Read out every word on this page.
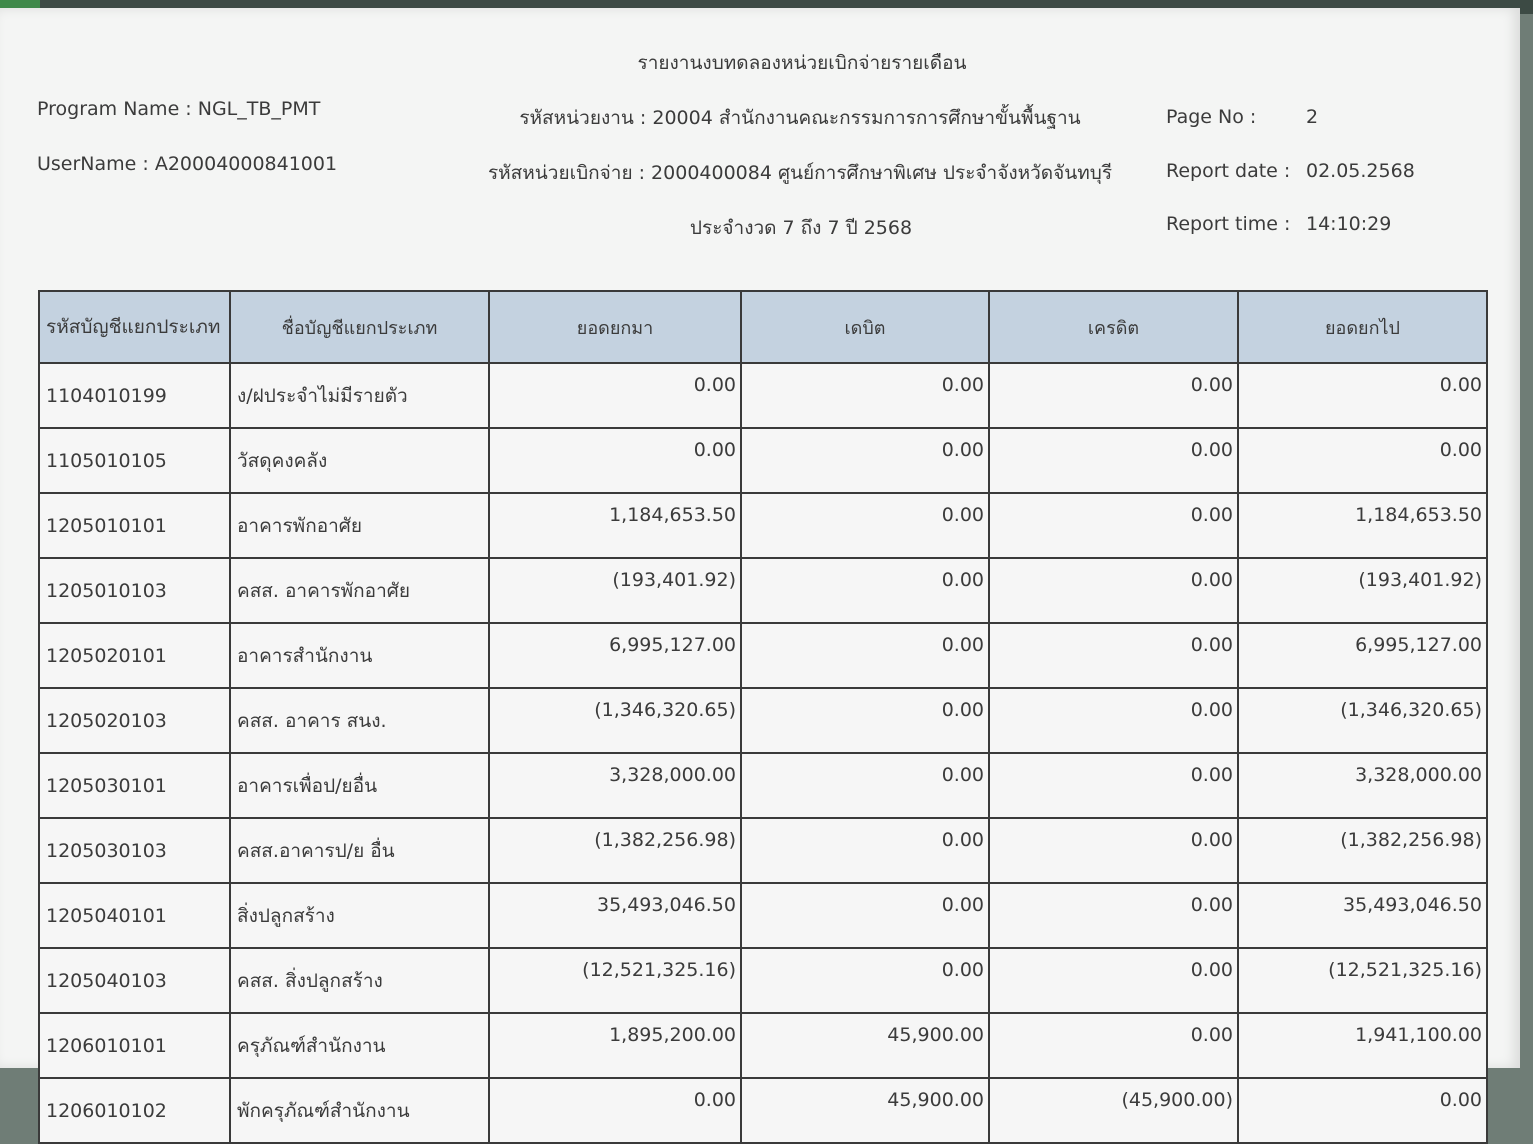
รายงานงบทดลองหน่วยเบิกจ่ายรายเดือน
Program Name : NGL_TB_PMT
UserName : A20004000841001
รหัสหน่วยงาน : 20004 สำนักงานคณะกรรมการการศึกษาขั้นพื้นฐาน
รหัสหน่วยเบิกจ่าย : 2000400084 ศูนย์การศึกษาพิเศษ ประจำจังหวัดจันทบุรี
ประจำงวด 7 ถึง 7 ปี 2568
Page No :	2
Report date : 02.05.2568
Report time : 14:10:29
รหัสบัญชีแยกประเภท	ชื่อบัญชีแยกประเภท	ยอดยกมา	เดบิต	เครดิต	ยอดยกไป
1104010199	ง/ฝประจำไม่มีรายตัว	0.00	0.00	0.00	0.00
1105010105	วัสดุคงคลัง	0.00	0.00	0.00	0.00
1205010101	อาคารพักอาศัย	1,184,653.50	0.00	0.00	1,184,653.50
1205010103	คสส. อาคารพักอาศัย	(193,401.92)	0.00	0.00	(193,401.92)
1205020101	อาคารสำนักงาน	6,995,127.00	0.00	0.00	6,995,127.00
1205020103	คสส. อาคาร สนง.	(1,346,320.65)	0.00	0.00	(1,346,320.65)
1205030101	อาคารเพื่อป/ยอื่น	3,328,000.00	0.00	0.00	3,328,000.00
1205030103	คสส.อาคารป/ย อื่น	(1,382,256.98)	0.00	0.00	(1,382,256.98)
1205040101	สิ่งปลูกสร้าง	35,493,046.50	0.00	0.00	35,493,046.50
1205040103	คสส. สิ่งปลูกสร้าง	(12,521,325.16)	0.00	0.00	(12,521,325.16)
1206010101	ครุภัณฑ์สำนักงาน	1,895,200.00	45,900.00	0.00	1,941,100.00
1206010102	พักครุภัณฑ์สำนักงาน	0.00	45,900.00	(45,900.00)	0.00
